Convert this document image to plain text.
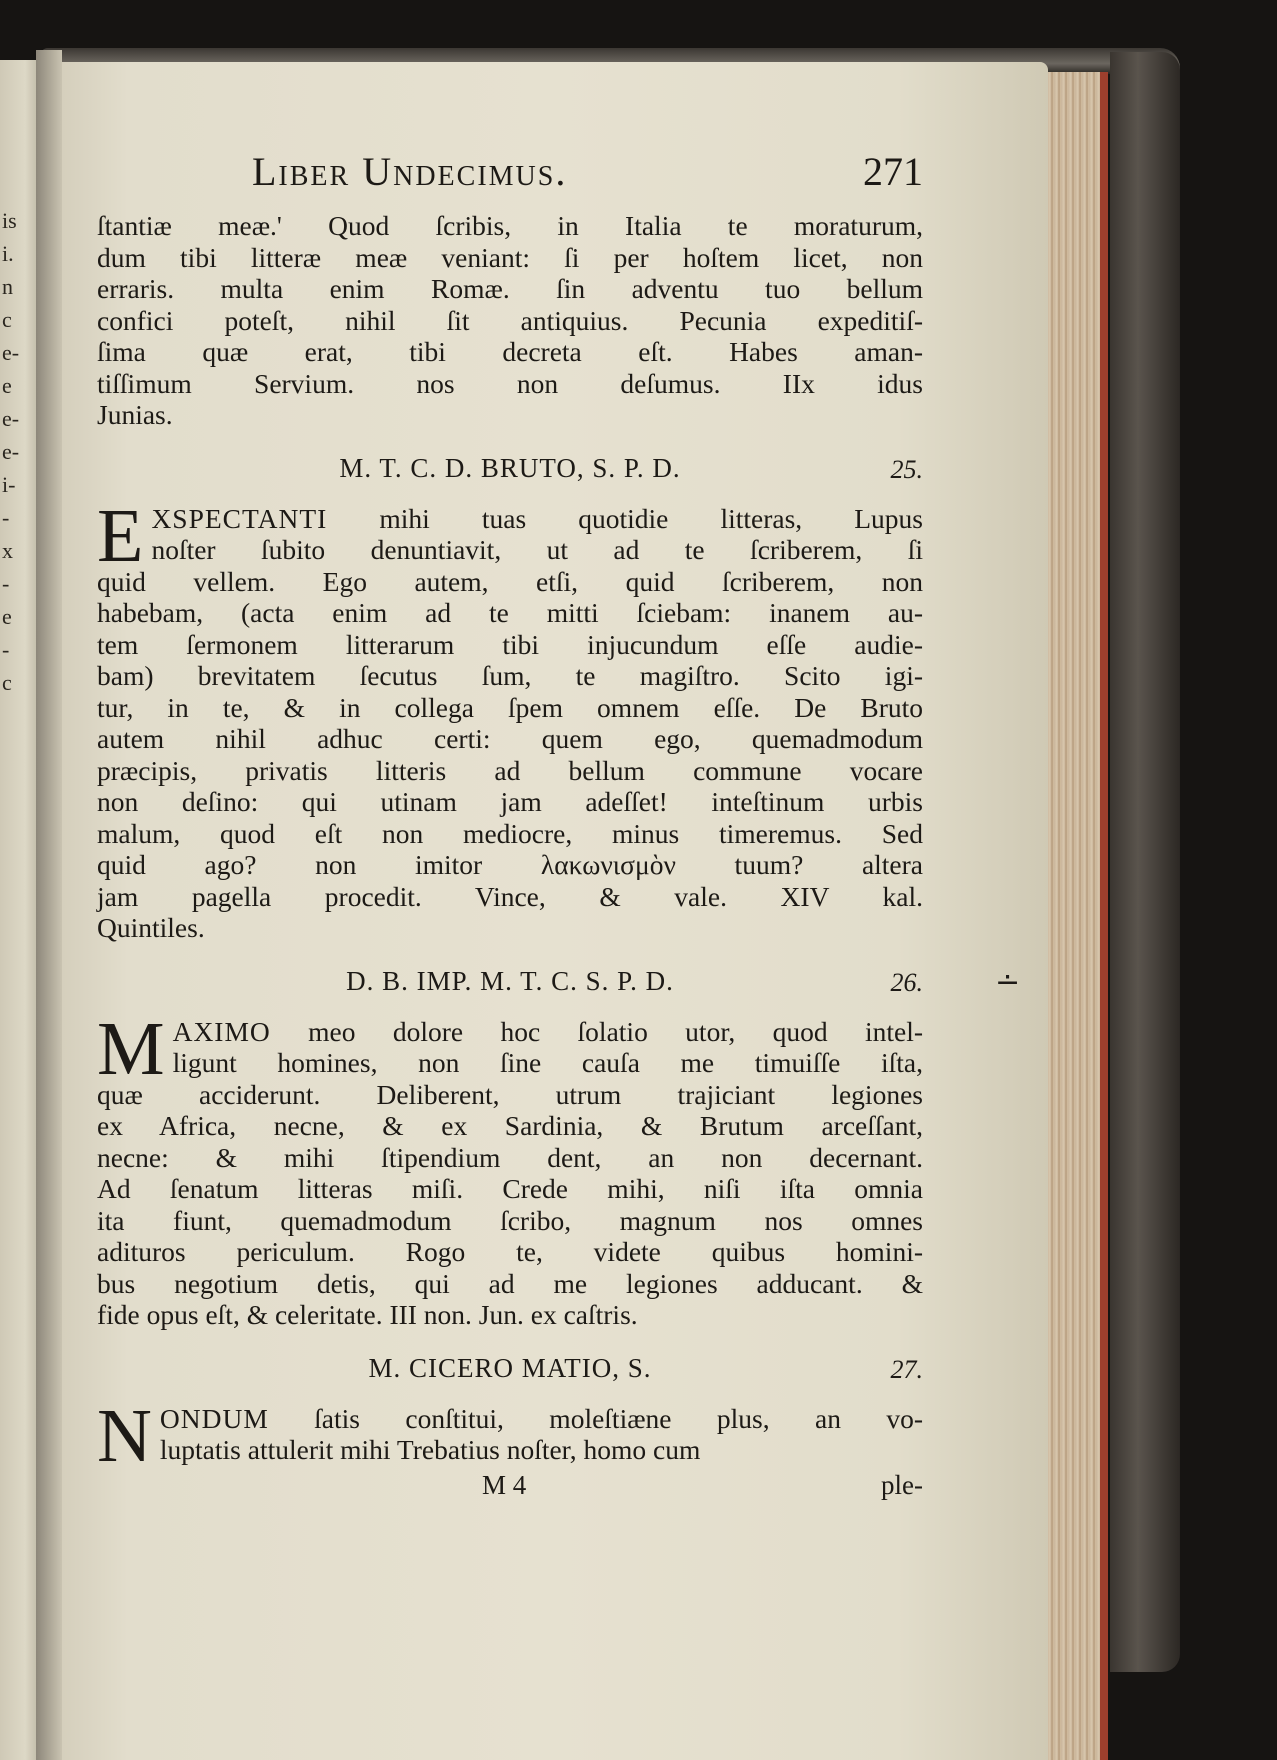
is
i.
n
c
e-
e
e-
e-
i-
-
x
-
e
-
c
Liber Undecimus.	271

ſtantiæ meæ.' Quod ſcribis, in Italia te moraturum,
dum tibi litteræ meæ veniant: ſi per hoſtem licet, non
erraris. multa enim Romæ. ſin adventu tuo bellum
confici poteſt, nihil ſit antiquius. Pecunia expeditiſ-
ſima quæ erat, tibi decreta eſt. Habes aman-
tiſſimum Servium. nos non deſumus. IIx idus
Junias.

M. T. C. D. BRUTO, S. P. D.	25.

E XSPECTANTI mihi tuas quotidie litteras, Lupus
noſter ſubito denuntiavit, ut ad te ſcriberem, ſi
quid vellem. Ego autem, etſi, quid ſcriberem, non
habebam, (acta enim ad te mitti ſciebam: inanem au-
tem ſermonem litterarum tibi injucundum eſſe audie-
bam) brevitatem ſecutus ſum, te magiſtro. Scito igi-
tur, in te, & in collega ſpem omnem eſſe. De Bruto
autem nihil adhuc certi: quem ego, quemadmodum
præcipis, privatis litteris ad bellum commune vocare
non deſino: qui utinam jam adeſſet! inteſtinum urbis
malum, quod eſt non mediocre, minus timeremus. Sed
quid ago? non imitor λακωνισμὸν tuum? altera
jam pagella procedit. Vince, & vale. XIV kal.
Quintiles.

D. B. IMP. M. T. C. S. P. D.	26.

M AXIMO meo dolore hoc ſolatio utor, quod intel-
ligunt homines, non ſine cauſa me timuiſſe iſta,
quæ acciderunt. Deliberent, utrum trajiciant legiones
ex Africa, necne, & ex Sardinia, & Brutum arceſſant,
necne: & mihi ſtipendium dent, an non decernant.
Ad ſenatum litteras miſi. Crede mihi, niſi iſta omnia
ita fiunt, quemadmodum ſcribo, magnum nos omnes
adituros periculum. Rogo te, videte quibus homini-
bus negotium detis, qui ad me legiones adducant. &
fide opus eſt, & celeritate. III non. Jun. ex caſtris.

M. CICERO MATIO, S.	27.

N ONDUM ſatis conſtitui, moleſtiæne plus, an vo-
luptatis attulerit mihi Trebatius noſter, homo cum

M 4	ple-
∸
